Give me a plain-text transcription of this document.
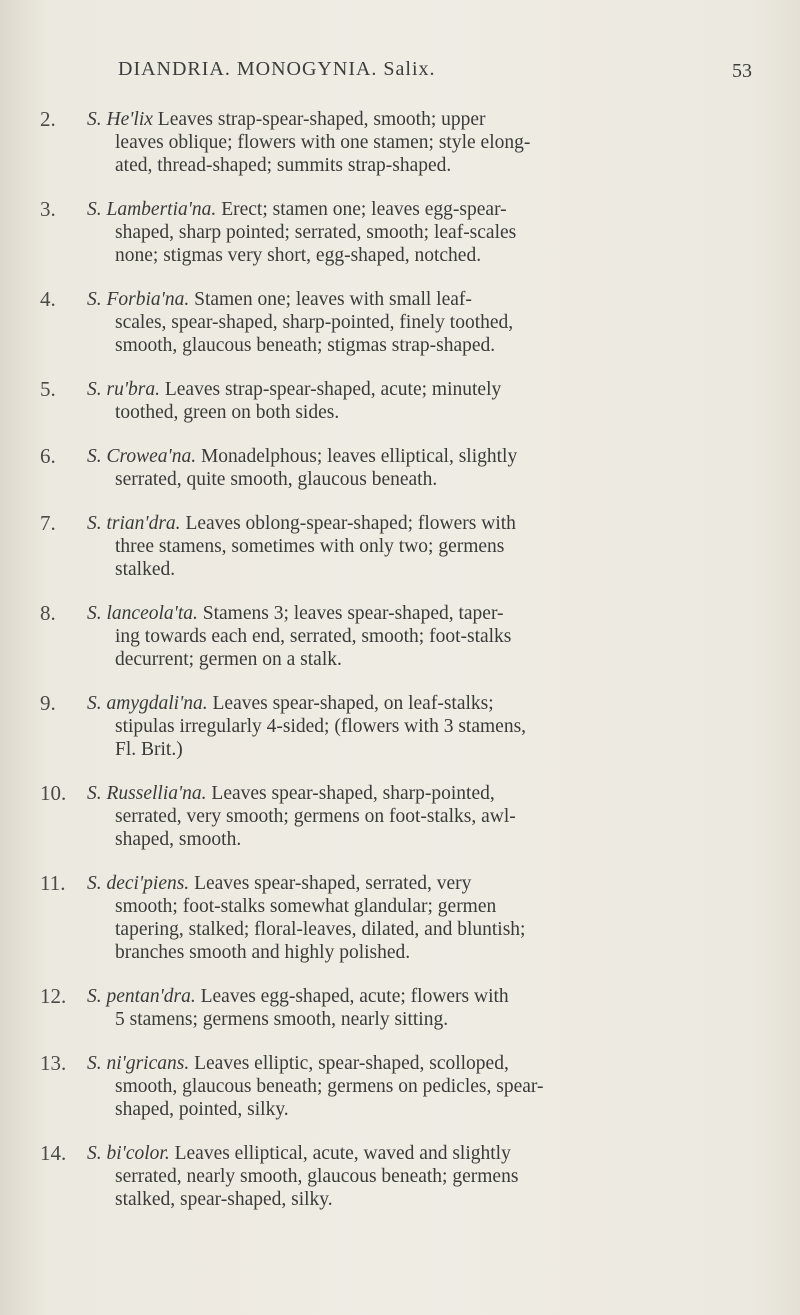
DIANDRIA. MONOGYNIA. Salix.	53
2.	S. He'lix Leaves strap-spear-shaped, smooth; upper
leaves oblique; flowers with one stamen; style elong-
ated, thread-shaped; summits strap-shaped.
3.	S. Lambertia'na. Erect; stamen one; leaves egg-spear-
shaped, sharp pointed; serrated, smooth; leaf-scales
none; stigmas very short, egg-shaped, notched.
4.	S. Forbia'na. Stamen one; leaves with small leaf-
scales, spear-shaped, sharp-pointed, finely toothed,
smooth, glaucous beneath; stigmas strap-shaped.
5.	S. ru'bra. Leaves strap-spear-shaped, acute; minutely
toothed, green on both sides.
6.	S. Crowea'na. Monadelphous; leaves elliptical, slightly
serrated, quite smooth, glaucous beneath.
7.	S. trian'dra. Leaves oblong-spear-shaped; flowers with
three stamens, sometimes with only two; germens
stalked.
8.	S. lanceola'ta. Stamens 3; leaves spear-shaped, taper-
ing towards each end, serrated, smooth; foot-stalks
decurrent; germen on a stalk.
9.	S. amygdali'na. Leaves spear-shaped, on leaf-stalks;
stipulas irregularly 4-sided; (flowers with 3 stamens,
Fl. Brit.)
10.	S. Russellia'na. Leaves spear-shaped, sharp-pointed,
serrated, very smooth; germens on foot-stalks, awl-
shaped, smooth.
11.	S. deci'piens. Leaves spear-shaped, serrated, very
smooth; foot-stalks somewhat glandular; germen
tapering, stalked; floral-leaves, dilated, and bluntish;
branches smooth and highly polished.
12.	S. pentan'dra. Leaves egg-shaped, acute; flowers with
5 stamens; germens smooth, nearly sitting.
13.	S. ni'gricans. Leaves elliptic, spear-shaped, scolloped,
smooth, glaucous beneath; germens on pedicles, spear-
shaped, pointed, silky.
14.	S. bi'color. Leaves elliptical, acute, waved and slightly
serrated, nearly smooth, glaucous beneath; germens
stalked, spear-shaped, silky.
